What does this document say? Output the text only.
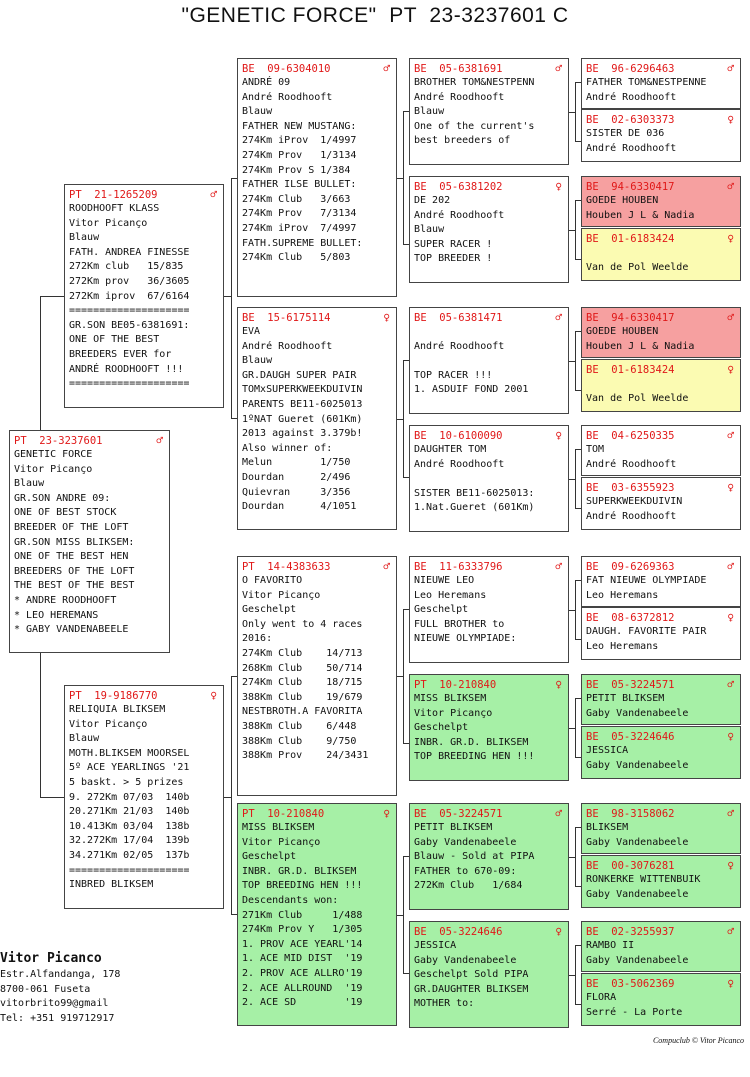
"GENETIC FORCE"  PT  23-3237601 C
PT  23-3237601	♂
GENETIC FORCE
Vitor Picanço
Blauw
GR.SON ANDRE 09:
ONE OF BEST STOCK
BREEDER OF THE LOFT
GR.SON MISS BLIKSEM:
ONE OF THE BEST HEN
BREEDERS OF THE LOFT
THE BEST OF THE BEST
* ANDRE ROODHOOFT
* LEO HEREMANS
* GABY VANDENABEELE
PT  21-1265209	♂
ROODHOOFT KLASS
Vitor Picanço
Blauw
FATH. ANDREA FINESSE
272Km club   15/835
272Km prov   36/3605
272Km iprov  67/6164
====================
GR.SON BE05-6381691:
ONE OF THE BEST
BREEDERS EVER for
ANDRÉ ROODHOOFT !!!
====================
PT  19-9186770	♀
RELIQUIA BLIKSEM
Vitor Picanço
Blauw
MOTH.BLIKSEM MOORSEL
5º ACE YEARLINGS '21
5 baskt. > 5 prizes
9. 272Km 07/03  140b
20.271Km 21/03  140b
10.413Km 03/04  138b
32.272Km 17/04  139b
34.271Km 02/05  137b
====================
INBRED BLIKSEM
BE  09-6304010	♂
ANDRÉ 09
André Roodhooft
Blauw
FATHER NEW MUSTANG:
274Km iProv  1/4997
274Km Prov   1/3134
274Km Prov S 1/384
FATHER ILSE BULLET:
274Km Club   3/663
274Km Prov   7/3134
274Km iProv  7/4997
FATH.SUPREME BULLET:
274Km Club   5/803
BE  15-6175114	♀
EVA
André Roodhooft
Blauw
GR.DAUGH SUPER PAIR
TOMxSUPERKWEEKDUIVIN
PARENTS BE11-6025013
1ºNAT Gueret (601Km)
2013 against 3.379b!
Also winner of:
Melun        1/750
Dourdan      2/496
Quievran     3/356
Dourdan      4/1051
PT  14-4383633	♂
O FAVORITO
Vitor Picanço
Geschelpt
Only went to 4 races
2016:
274Km Club    14/713
268Km Club    50/714
274Km Club    18/715
388Km Club    19/679
NESTBROTH.A FAVORITA
388Km Club    6/448
388Km Club    9/750
388Km Prov    24/3431
PT  10-210840	♀
MISS BLIKSEM
Vitor Picanço
Geschelpt
INBR. GR.D. BLIKSEM
TOP BREEDING HEN !!!
Descendants won:
271Km Club     1/488
274Km Prov Y   1/305
1. PROV ACE YEARL'14
1. ACE MID DIST  '19
2. PROV ACE ALLRO'19
2. ACE ALLROUND  '19
2. ACE SD        '19
BE  05-6381691	♂
BROTHER TOM&NESTPENN
André Roodhooft
Blauw
One of the current's
best breeders of
BE  05-6381202	♀
DE 202
André Roodhooft
Blauw
SUPER RACER !
TOP BREEDER !
BE  05-6381471	♂
André Roodhooft
TOP RACER !!!
1. ASDUIF FOND 2001
BE  10-6100090	♀
DAUGHTER TOM
André Roodhooft
SISTER BE11-6025013:
1.Nat.Gueret (601Km)
BE  11-6333796	♂
NIEUWE LEO
Leo Heremans
Geschelpt
FULL BROTHER to
NIEUWE OLYMPIADE:
PT  10-210840	♀
MISS BLIKSEM
Vitor Picanço
Geschelpt
INBR. GR.D. BLIKSEM
TOP BREEDING HEN !!!
BE  05-3224571	♂
PETIT BLIKSEM
Gaby Vandenabeele
Blauw - Sold at PIPA
FATHER to 670-09:
272Km Club   1/684
BE  05-3224646	♀
JESSICA
Gaby Vandenabeele
Geschelpt Sold PIPA
GR.DAUGHTER BLIKSEM
MOTHER to:
BE  96-6296463	♂
FATHER TOM&NESTPENNE
André Roodhooft
BE  02-6303373	♀
SISTER DE 036
André Roodhooft
BE  94-6330417	♂
GOEDE HOUBEN
Houben J L & Nadia
BE  01-6183424	♀
Van de Pol Weelde
BE  94-6330417	♂
GOEDE HOUBEN
Houben J L & Nadia
BE  01-6183424	♀
Van de Pol Weelde
BE  04-6250335	♂
TOM
André Roodhooft
BE  03-6355923	♀
SUPERKWEEKDUIVIN
André Roodhooft
BE  09-6269363	♂
FAT NIEUWE OLYMPIADE
Leo Heremans
BE  08-6372812	♀
DAUGH. FAVORITE PAIR
Leo Heremans
BE  05-3224571	♂
PETIT BLIKSEM
Gaby Vandenabeele
BE  05-3224646	♀
JESSICA
Gaby Vandenabeele
BE  98-3158062	♂
BLIKSEM
Gaby Vandenabeele
BE  00-3076281	♀
RONKERKE WITTENBUIK
Gaby Vandenabeele
BE  02-3255937	♂
RAMBO II
Gaby Vandenabeele
BE  03-5062369	♀
FLORA
Serré - La Porte
Vitor Picanco
Estr.Alfandanga, 178
8700-061 Fuseta
vitorbrito99@gmail
Tel: +351 919712917
Compuclub © Vitor Picanco
